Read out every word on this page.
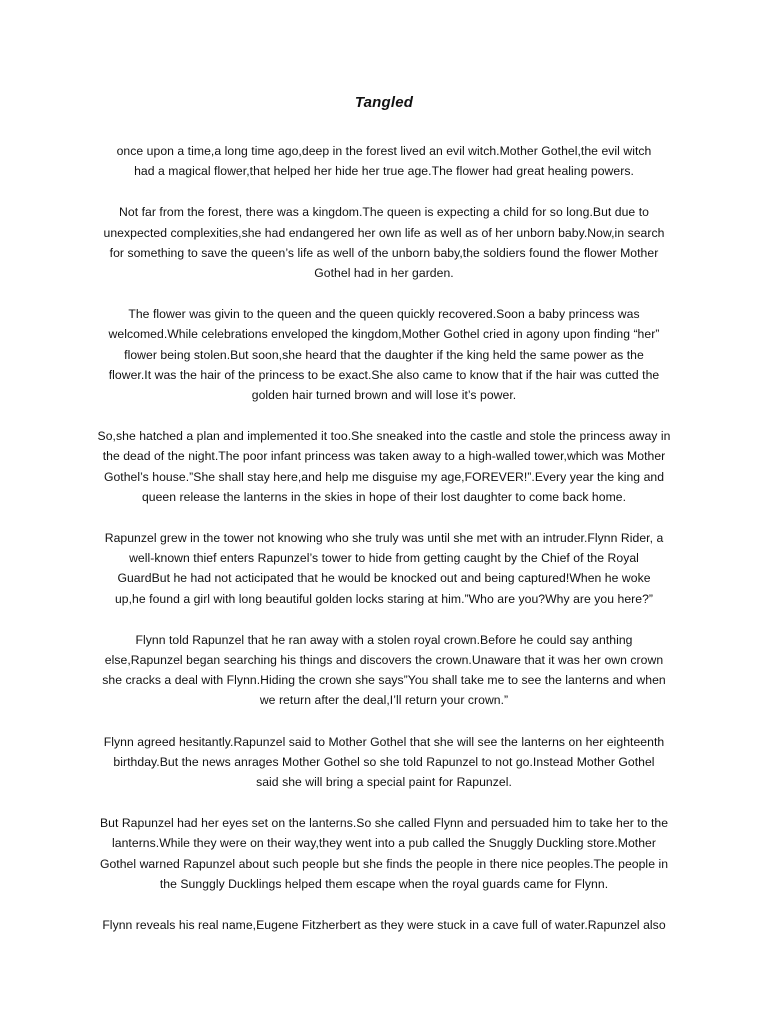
Tangled

once upon a time,a long time ago,deep in the forest lived an evil witch.Mother Gothel,the evil witch
had a magical flower,that helped her hide her true age.The flower had great healing powers.

Not far from the forest, there was a kingdom.The queen is expecting a child for so long.But due to
unexpected complexities,she had endangered her own life as well as of her unborn baby.Now,in search
for something to save the queen’s life as well of the unborn baby,the soldiers found the flower Mother
Gothel had in her garden.

The flower was givin to the queen and the queen quickly recovered.Soon a baby princess was
welcomed.While celebrations enveloped the kingdom,Mother Gothel cried in agony upon finding “her”
flower being stolen.But soon,she heard that the daughter if the king held the same power as the
flower.It was the hair of the princess to be exact.She also came to know that if the hair was cutted the
golden hair turned brown and will lose it’s power.

So,she hatched a plan and implemented it too.She sneaked into the castle and stole the princess away in
the dead of the night.The poor infant princess was taken away to a high-walled tower,which was Mother
Gothel’s house.”She shall stay here,and help me disguise my age,FOREVER!”.Every year the king and
queen release the lanterns in the skies in hope of their lost daughter to come back home.

Rapunzel grew in the tower not knowing who she truly was until she met with an intruder.Flynn Rider, a
well-known thief enters Rapunzel’s tower to hide from getting caught by the Chief of the Royal
GuardBut he had not acticipated that he would be knocked out and being captured!When he woke
up,he found a girl with long beautiful golden locks staring at him.”Who are you?Why are you here?”

Flynn told Rapunzel that he ran away with a stolen royal crown.Before he could say anthing
else,Rapunzel began searching his things and discovers the crown.Unaware that it was her own crown
she cracks a deal with Flynn.Hiding the crown she says”You shall take me to see the lanterns and when
we return after the deal,I’ll return your crown.”

Flynn agreed hesitantly.Rapunzel said to Mother Gothel that she will see the lanterns on her eighteenth
birthday.But the news anrages Mother Gothel so she told Rapunzel to not go.Instead Mother Gothel
said she will bring a special paint for Rapunzel.

But Rapunzel had her eyes set on the lanterns.So she called Flynn and persuaded him to take her to the
lanterns.While they were on their way,they went into a pub called the Snuggly Duckling store.Mother
Gothel warned Rapunzel about such people but she finds the people in there nice peoples.The people in
the Sunggly Ducklings helped them escape when the royal guards came for Flynn.

Flynn reveals his real name,Eugene Fitzherbert as they were stuck in a cave full of water.Rapunzel also
